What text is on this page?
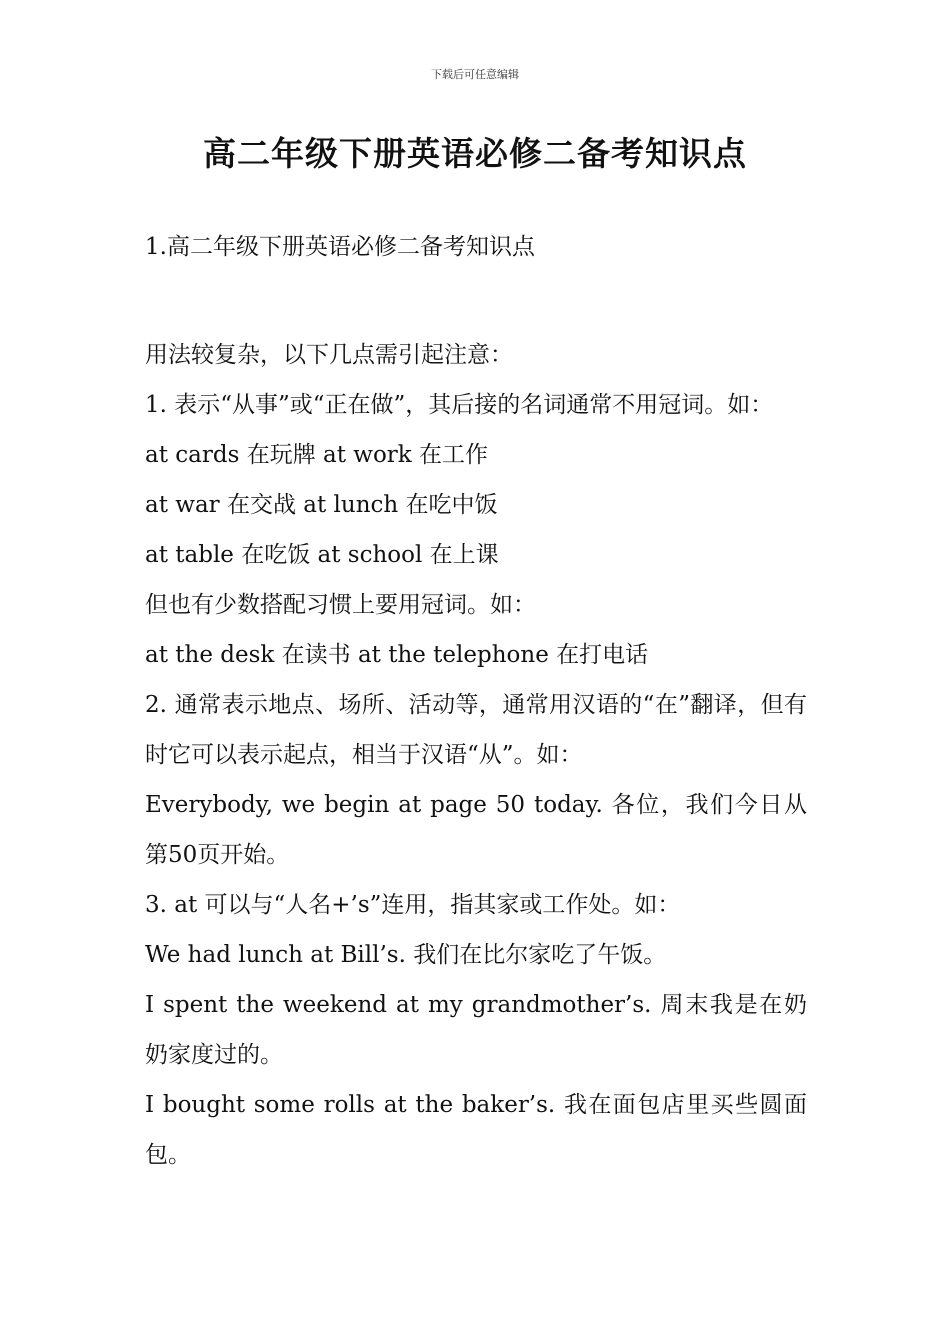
下载后可任意编辑
高二年级下册英语必修二备考知识点
1.高二年级下册英语必修二备考知识点

用法较复杂，以下几点需引起注意：

1. 表示“从事”或“正在做”，其后接的名词通常不用冠词。如：

at cards 在玩牌 at work 在工作

at war 在交战 at lunch 在吃中饭

at table 在吃饭 at school 在上课

但也有少数搭配习惯上要用冠词。如：

at the desk 在读书 at the telephone 在打电话

2. 通常表示地点、场所、活动等，通常用汉语的“在”翻译，但有时它可以表示起点，相当于汉语“从”。如：

Everybody, we begin at page 50 today. 各位，我们今日从第50页开始。

3. at 可以与“人名+’s”连用，指其家或工作处。如：

We had lunch at Bill’s. 我们在比尔家吃了午饭。

I spent the weekend at my grandmother’s. 周末我是在奶奶家度过的。

I bought some rolls at the baker’s. 我在面包店里买些圆面包。
